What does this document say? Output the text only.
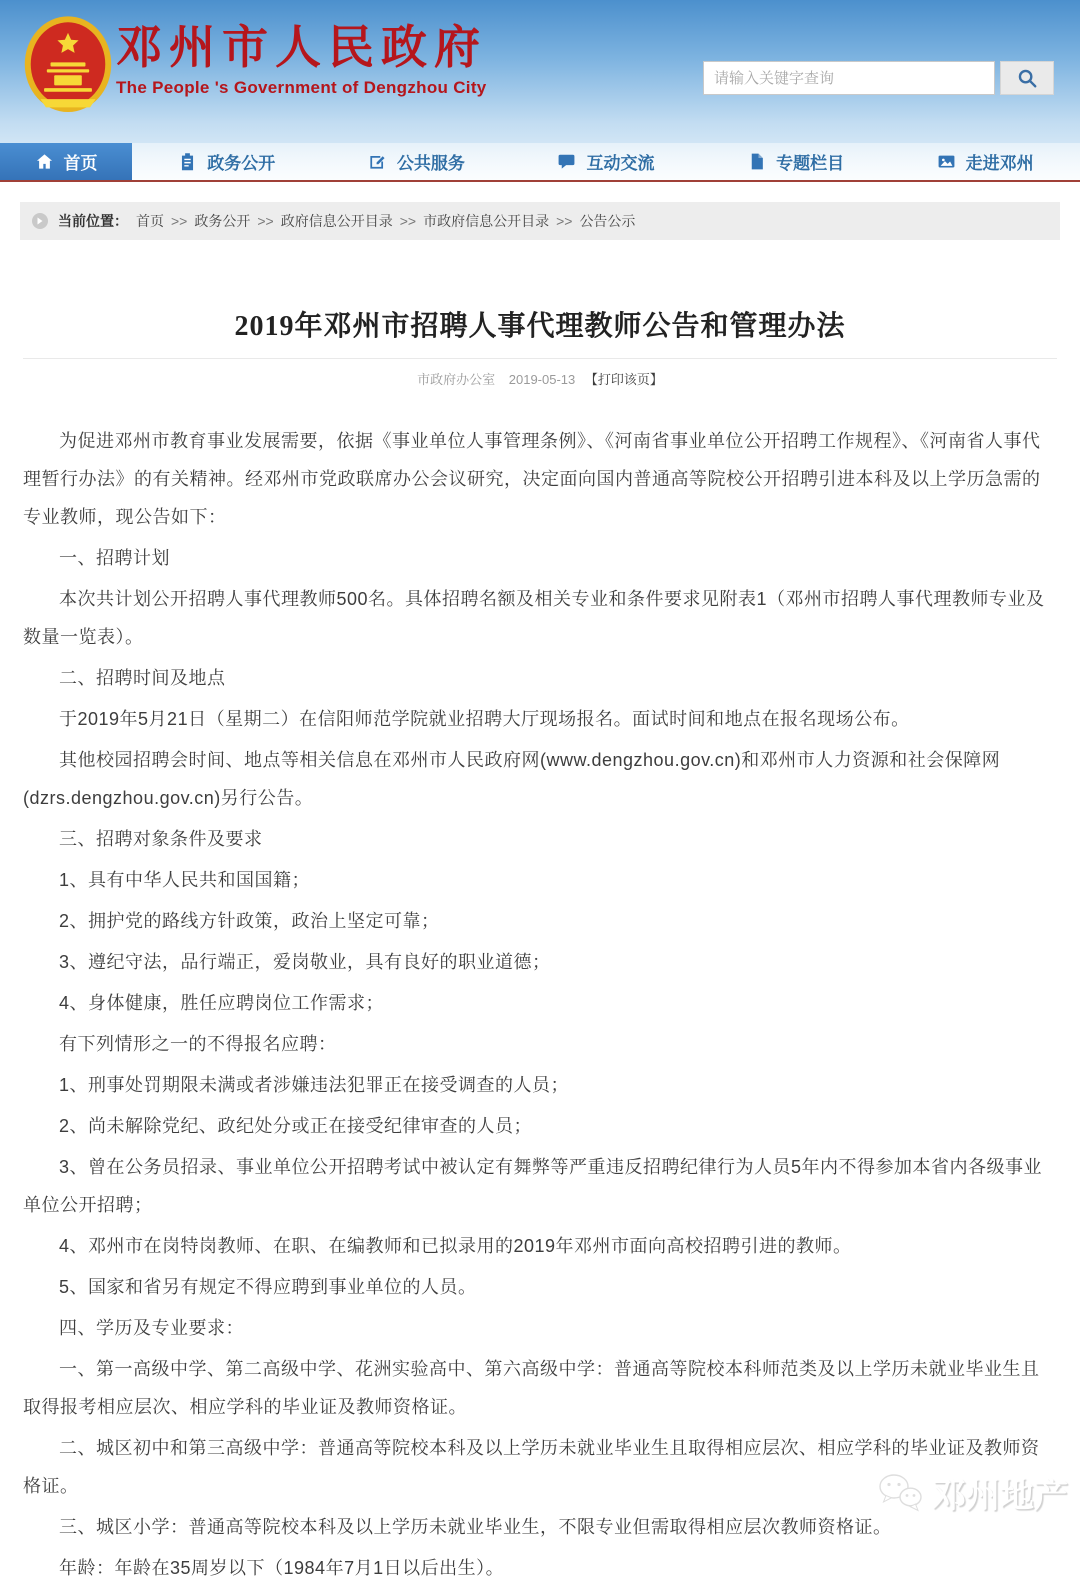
邓州市人民政府
The People 's Government of Dengzhou City
请输入关键字查询
首页	政务公开	公共服务	互动交流	专题栏目	走进邓州
当前位置： 首页 >> 政务公开 >> 政府信息公开目录 >> 市政府信息公开目录 >> 公告公示
2019年邓州市招聘人事代理教师公告和管理办法
市政府办公室 2019-05-13 【打印该页】

为促进邓州市教育事业发展需要，依据《事业单位人事管理条例》、《河南省事业单位公开招聘工作规程》、《河南省人事代理暂行办法》的有关精神。经邓州市党政联席办公会议研究，决定面向国内普通高等院校公开招聘引进本科及以上学历急需的专业教师，现公告如下：

一、招聘计划

本次共计划公开招聘人事代理教师500名。具体招聘名额及相关专业和条件要求见附表1（邓州市招聘人事代理教师专业及数量一览表）。

二、招聘时间及地点

于2019年5月21日（星期二）在信阳师范学院就业招聘大厅现场报名。面试时间和地点在报名现场公布。

其他校园招聘会时间、地点等相关信息在邓州市人民政府网(www.dengzhou.gov.cn)和邓州市人力资源和社会保障网(dzrs.dengzhou.gov.cn)另行公告。

三、招聘对象条件及要求

1、具有中华人民共和国国籍；

2、拥护党的路线方针政策，政治上坚定可靠；

3、遵纪守法，品行端正，爱岗敬业，具有良好的职业道德；

4、身体健康，胜任应聘岗位工作需求；

有下列情形之一的不得报名应聘：

1、刑事处罚期限未满或者涉嫌违法犯罪正在接受调查的人员；

2、尚未解除党纪、政纪处分或正在接受纪律审查的人员；

3、曾在公务员招录、事业单位公开招聘考试中被认定有舞弊等严重违反招聘纪律行为人员5年内不得参加本省内各级事业单位公开招聘；

4、邓州市在岗特岗教师、在职、在编教师和已拟录用的2019年邓州市面向高校招聘引进的教师。

5、国家和省另有规定不得应聘到事业单位的人员。

四、学历及专业要求：

一、第一高级中学、第二高级中学、花洲实验高中、第六高级中学：普通高等院校本科师范类及以上学历未就业毕业生且取得报考相应层次、相应学科的毕业证及教师资格证。

二、城区初中和第三高级中学：普通高等院校本科及以上学历未就业毕业生且取得相应层次、相应学科的毕业证及教师资格证。

三、城区小学：普通高等院校本科及以上学历未就业毕业生，不限专业但需取得相应层次教师资格证。

年龄：年龄在35周岁以下（1984年7月1日以后出生）。

邓州地产
